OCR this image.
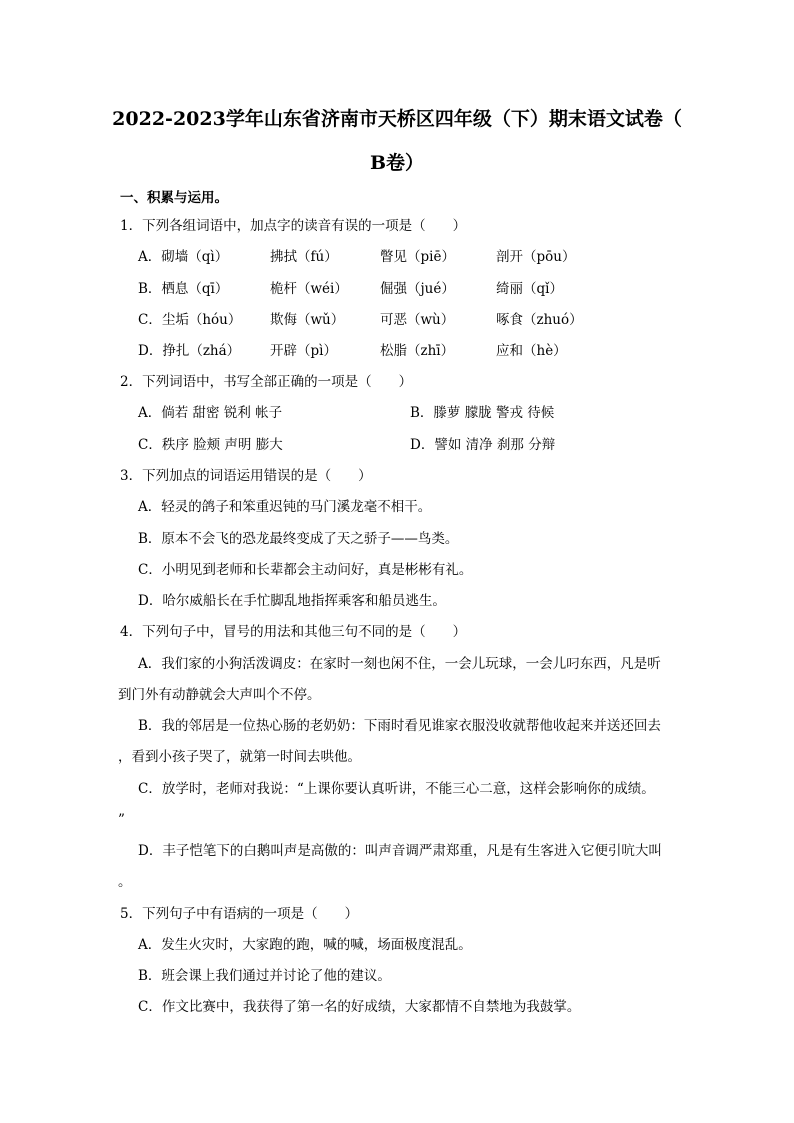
2022-2023学年山东省济南市天桥区四年级（下）期末语文试卷（
B卷）
一、积累与运用。
1．下列各组词语中，加点字的读音有误的一项是（　　）
A．砌墙（qì）	拂拭（fú）	瞥见（piē）	剖开（pōu）
B．栖息（qī）	桅杆（wéi） 倔强（jué）	绮丽（qǐ）
C．尘垢（hóu） 欺侮（wǔ）	可恶（wù）	啄食（zhuó）
D．挣扎（zhá） 开辟（pì）	松脂（zhī）	应和（hè）
2．下列词语中，书写全部正确的一项是（　　）
A．倘若 甜密 锐利 帐子	B．滕萝 朦胧 警戎 待候
C．秩序 脸颊 声明 膨大	D．譬如 清净 刹那 分辩
3．下列加点的词语运用错误的是（　　）
A．轻灵的鸽子和笨重迟钝的马门溪龙毫不相干。
B．原本不会飞的恐龙最终变成了天之骄子——鸟类。
C．小明见到老师和长辈都会主动问好，真是彬彬有礼。
D．哈尔威船长在手忙脚乱地指挥乘客和船员逃生。
4．下列句子中，冒号的用法和其他三句不同的是（　　）
A．我们家的小狗活泼调皮：在家时一刻也闲不住，一会儿玩球，一会儿叼东西，凡是听
到门外有动静就会大声叫个不停。
B．我的邻居是一位热心肠的老奶奶：下雨时看见谁家衣服没收就帮他收起来并送还回去
，看到小孩子哭了，就第一时间去哄他。
C．放学时，老师对我说：“上课你要认真听讲，不能三心二意，这样会影响你的成绩。
”
D．丰子恺笔下的白鹅叫声是高傲的：叫声音调严肃郑重，凡是有生客进入它便引吭大叫
。
5．下列句子中有语病的一项是（　　）
A．发生火灾时，大家跑的跑，喊的喊，场面极度混乱。
B．班会课上我们通过并讨论了他的建议。
C．作文比赛中，我获得了第一名的好成绩，大家都情不自禁地为我鼓掌。
